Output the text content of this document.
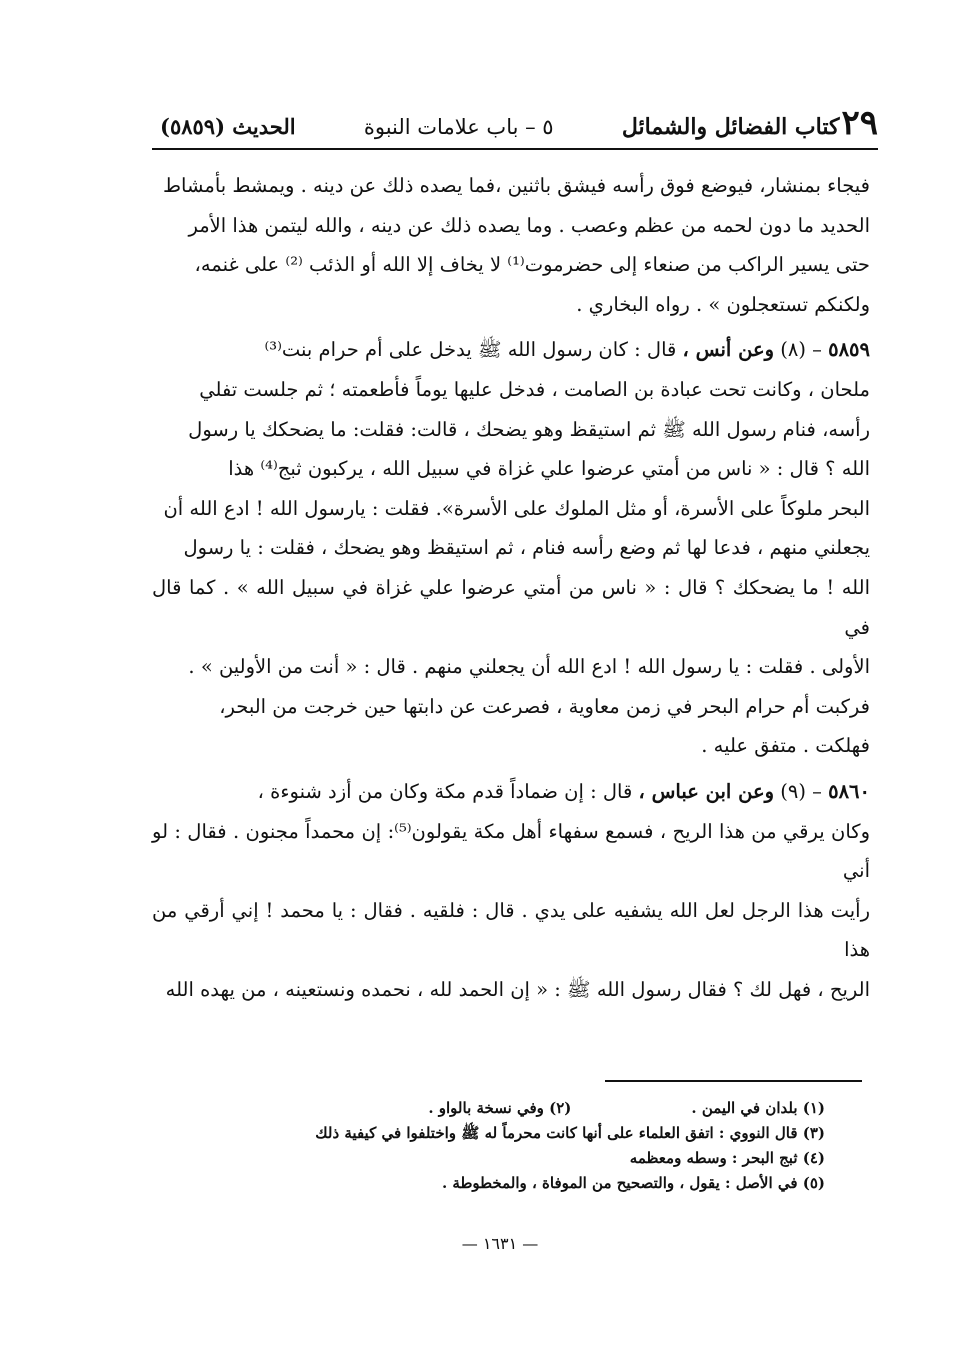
٢٩
كتاب الفضائل والشمائل
٥ – باب علامات النبوة
الحديث (٥٨٥٩)

فيجاء بمنشار، فيوضع فوق رأسه فيشق باثنين ،فما يصده ذلك عن دينه . ويمشط بأمشاط

الحديد ما دون لحمه من عظم وعصب . وما يصده ذلك عن دينه ، والله ليتمن هذا الأمر

حتى يسير الراكب من صنعاء إلى حضرموت⁽¹⁾ لا يخاف إلا الله أو الذئب ⁽²⁾ على غنمه،

ولكنكم تستعجلون » . رواه البخاري .

٥٨٥٩ – (٨) وعن أنس ، قال : كان رسول الله ﷺ يدخل على أم حرام بنت⁽³⁾

ملحان ، وكانت تحت عبادة بن الصامت ، فدخل عليها يوماً فأطعمته ؛ ثم جلست تفلي

رأسه، فنام رسول الله ﷺ ثم استيقظ وهو يضحك ، قالت: فقلت: ما يضحكك يا رسول

الله ؟ قال : « ناس من أمتي عرضوا علي غزاة في سبيل الله ، يركبون ثبج⁽⁴⁾ هذا

البحر ملوكاً على الأسرة، أو مثل الملوك على الأسرة». فقلت : يارسول الله ! ادع الله أن

يجعلني منهم ، فدعا لها ثم وضع رأسه فنام ، ثم استيقظ وهو يضحك ، فقلت : يا رسول

الله ! ما يضحكك ؟ قال : « ناس من أمتي عرضوا علي غزاة في سبيل الله » . كما قال في

الأولى . فقلت : يا رسول الله ! ادع الله أن يجعلني منهم . قال : « أنت من الأولين » .

فركبت أم حرام البحر في زمن معاوية ، فصرعت عن دابتها حين خرجت من البحر،

فهلكت . متفق عليه .

٥٨٦٠ – (٩) وعن ابن عباس ، قال : إن ضماداً قدم مكة وكان من أزد شنوءة ،

وكان يرقي من هذا الريح ، فسمع سفهاء أهل مكة يقولون⁽⁵⁾: إن محمداً مجنون . فقال : لو أني

رأيت هذا الرجل لعل الله يشفيه على يدي . قال : فلقيه . فقال : يا محمد ! إني أرقي من هذا

الريح ، فهل لك ؟ فقال رسول الله ﷺ : « إن الحمد لله ، نحمده ونستعينه ، من يهده الله

(١) بلدان في اليمن .
(٢) وفي نسخة بالواو .
(٣) قال النووي : اتفق العلماء على أنها كانت محرماً له ﷺ واختلفوا في كيفية ذلك
(٤) ثبج البحر : وسطه ومعظمه
(٥) في الأصل : يقول ، والتصحيح من الموفاة ، والمخطوطة .
— ١٦٣١ —
